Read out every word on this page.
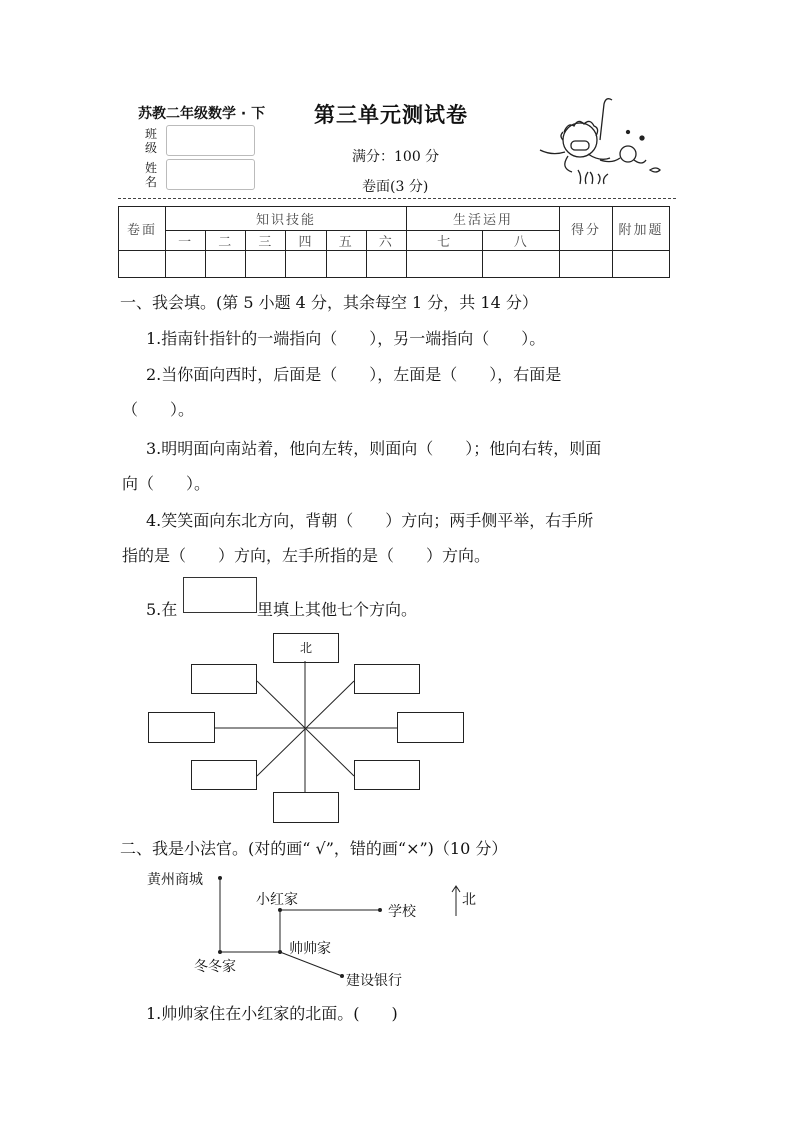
苏教二年级数学 · 下 第三单元测试卷
班级
姓名
满分：100 分
卷面(3 分)
卷面	知识技能						生活运用		得分	附加题
	一	二	三	四	五	六	七	八		

一、我会填。(第 5 小题 4 分，其余每空 1 分，共 14 分）
1.指南针指针的一端指向（　　），另一端指向（　　）。
2.当你面向西时，后面是（　　），左面是（　　），右面是
（　　）。
3.明明面向南站着，他向左转，则面向（　　）；他向右转，则面
向（　　）。
4.笑笑面向东北方向，背朝（　　）方向；两手侧平举，右手所
指的是（　　）方向，左手所指的是（　　）方向。
5.在	里填上其他七个方向。
北
二、我是小法官。(对的画“ √”，错的画“×”)（10 分）
黄州商城
小红家
学校
北
帅帅家
冬冬家
建设银行
1.帅帅家住在小红家的北面。(　　)
